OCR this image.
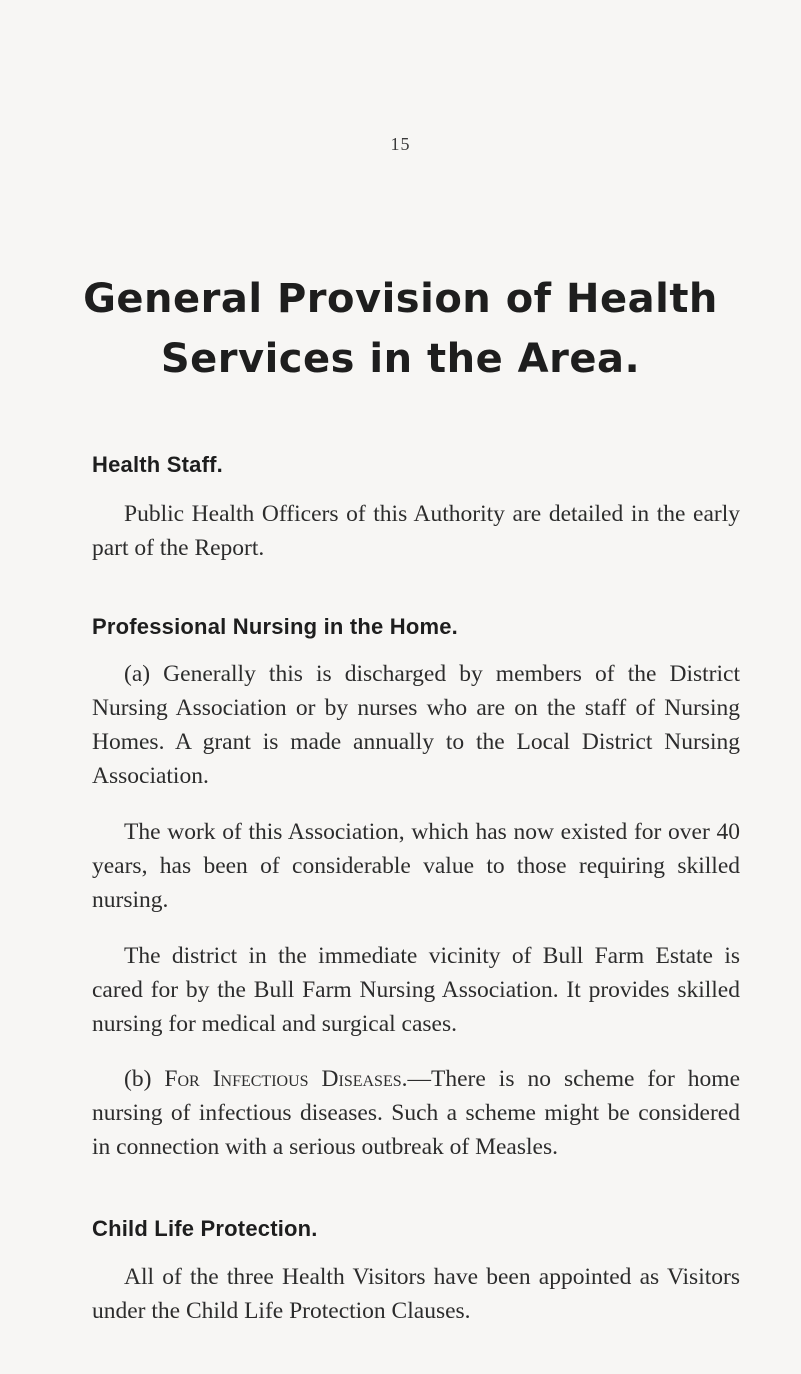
15
General Provision of Health
Services in the Area.
Health Staff.

Public Health Officers of this Authority are detailed in the early part of the Report.

Professional Nursing in the Home.

(a) Generally this is discharged by members of the District Nursing Association or by nurses who are on the staff of Nursing Homes. A grant is made annually to the Local District Nursing Association.

The work of this Association, which has now existed for over 40 years, has been of considerable value to those requiring skilled nursing.

The district in the immediate vicinity of Bull Farm Estate is cared for by the Bull Farm Nursing Association. It provides skilled nursing for medical and surgical cases.

(b) For Infectious Diseases.—There is no scheme for home nursing of infectious diseases. Such a scheme might be considered in connection with a serious outbreak of Measles.

Child Life Protection.

All of the three Health Visitors have been appointed as Visitors under the Child Life Protection Clauses.
